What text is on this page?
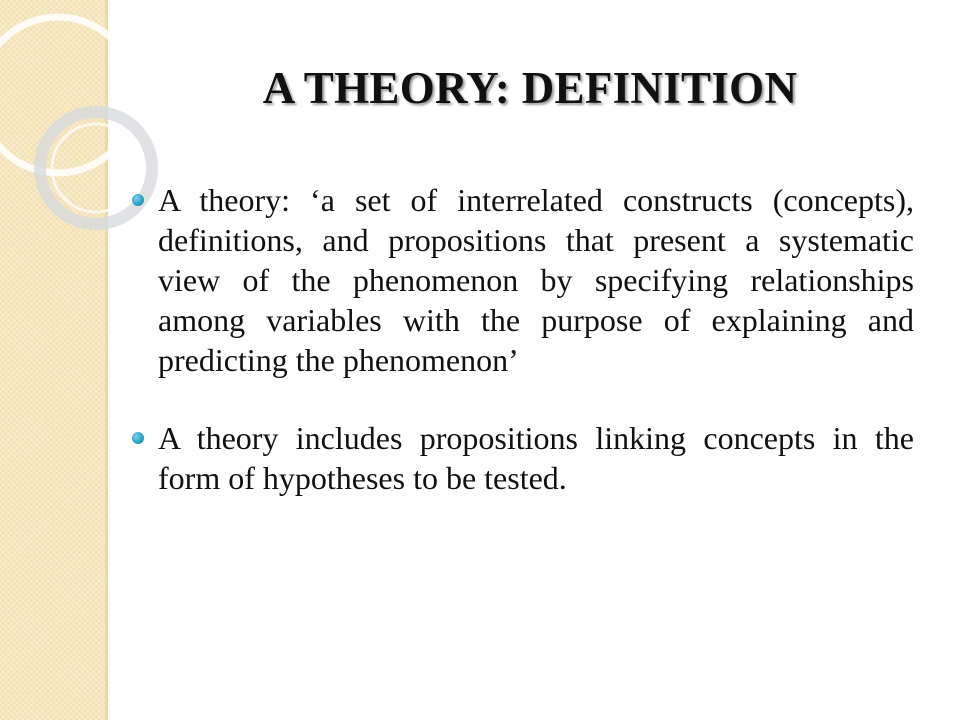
A THEORY: DEFINITION
A theory: ‘a set of interrelated constructs (concepts), definitions, and propositions that present a systematic view of the phenomenon by specifying relationships among variables with the purpose of explaining and predicting the phenomenon’
A theory includes propositions linking concepts in the form of hypotheses to be tested.
